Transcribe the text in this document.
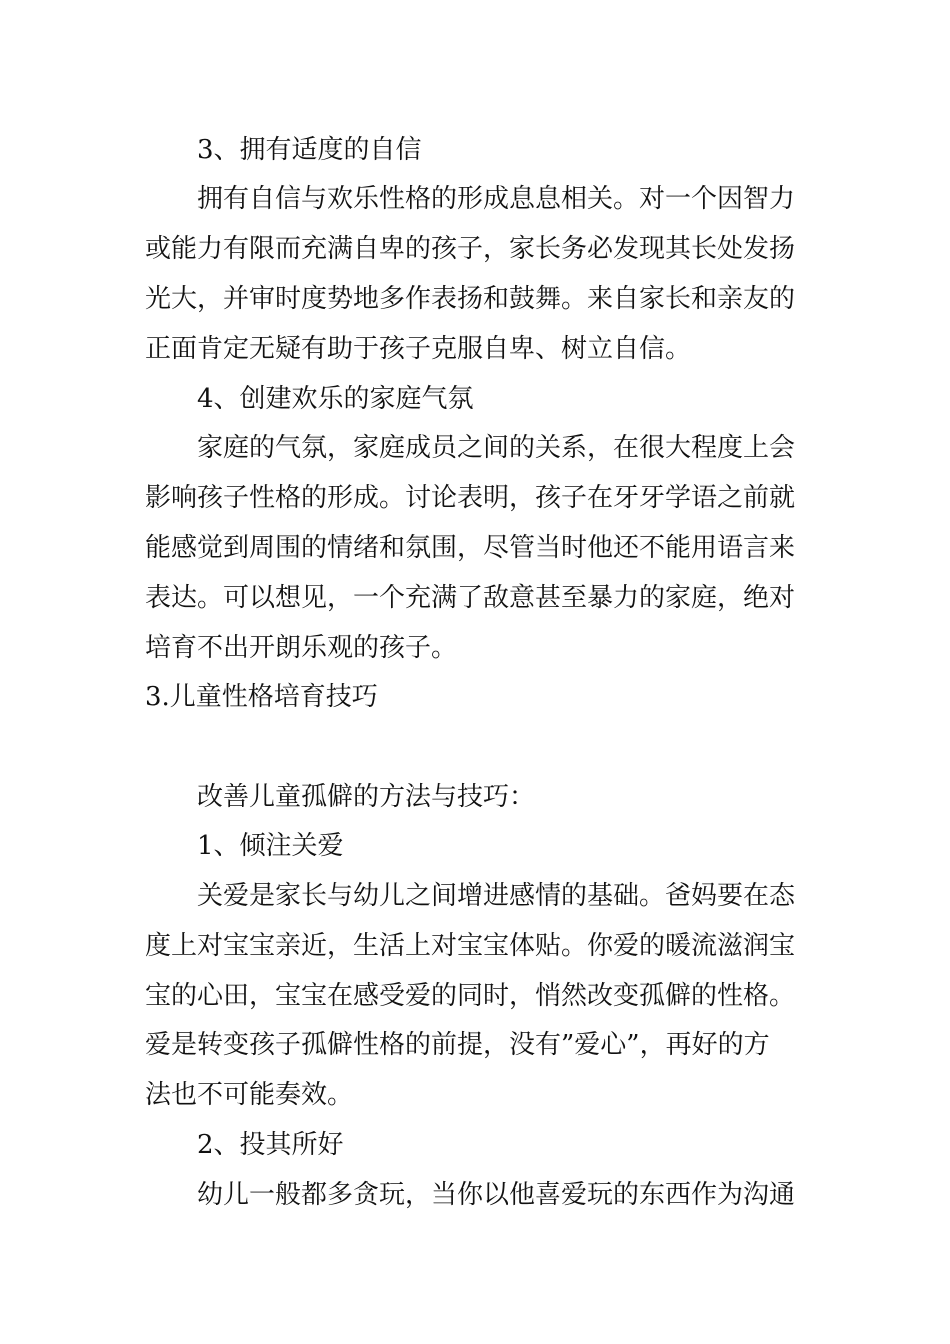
3、拥有适度的自信
拥有自信与欢乐性格的形成息息相关。对一个因智力
或能力有限而充满自卑的孩子，家长务必发现其长处发扬
光大，并审时度势地多作表扬和鼓舞。来自家长和亲友的
正面肯定无疑有助于孩子克服自卑、树立自信。
4、创建欢乐的家庭气氛
家庭的气氛，家庭成员之间的关系，在很大程度上会
影响孩子性格的形成。讨论表明，孩子在牙牙学语之前就
能感觉到周围的情绪和氛围，尽管当时他还不能用语言来
表达。可以想见，一个充满了敌意甚至暴力的家庭，绝对
培育不出开朗乐观的孩子。
3.儿童性格培育技巧
改善儿童孤僻的方法与技巧：
1、倾注关爱
关爱是家长与幼儿之间增进感情的基础。爸妈要在态
度上对宝宝亲近，生活上对宝宝体贴。你爱的暖流滋润宝
宝的心田，宝宝在感受爱的同时，悄然改变孤僻的性格。
爱是转变孩子孤僻性格的前提，没有”爱心”，再好的方
法也不可能奏效。
2、投其所好
幼儿一般都多贪玩，当你以他喜爱玩的东西作为沟通
